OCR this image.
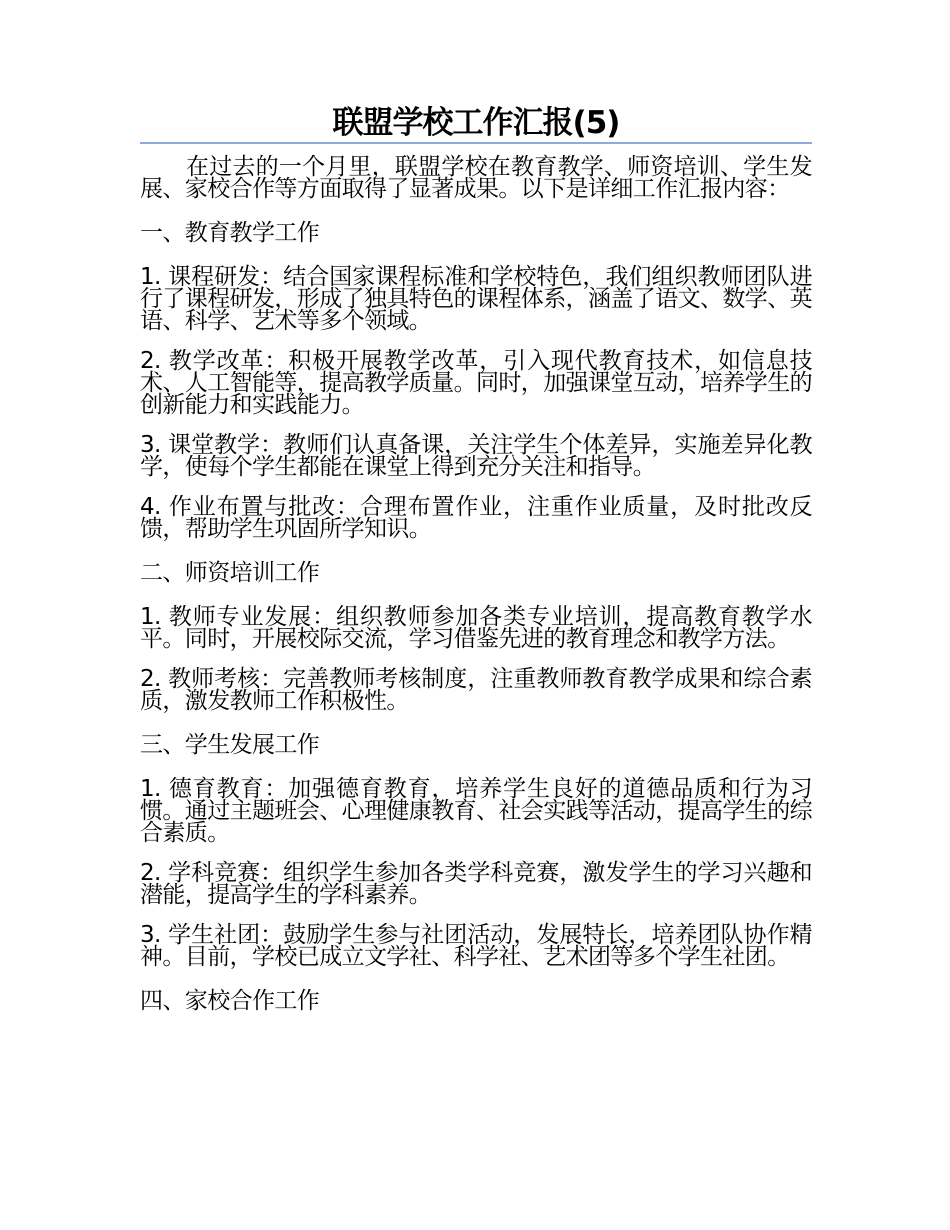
联盟学校工作汇报(5)

在过去的一个月里，联盟学校在教育教学、师资培训、学生发展、家校合作等方面取得了显著成果。以下是详细工作汇报内容：

一、教育教学工作

1. 课程研发：结合国家课程标准和学校特色，我们组织教师团队进行了课程研发，形成了独具特色的课程体系，涵盖了语文、数学、英语、科学、艺术等多个领域。

2. 教学改革：积极开展教学改革，引入现代教育技术，如信息技术、人工智能等，提高教学质量。同时，加强课堂互动，培养学生的创新能力和实践能力。

3. 课堂教学：教师们认真备课，关注学生个体差异，实施差异化教学，使每个学生都能在课堂上得到充分关注和指导。

4. 作业布置与批改：合理布置作业，注重作业质量，及时批改反馈，帮助学生巩固所学知识。

二、师资培训工作

1. 教师专业发展：组织教师参加各类专业培训，提高教育教学水平。同时，开展校际交流，学习借鉴先进的教育理念和教学方法。

2. 教师考核：完善教师考核制度，注重教师教育教学成果和综合素质，激发教师工作积极性。

三、学生发展工作

1. 德育教育：加强德育教育，培养学生良好的道德品质和行为习惯。通过主题班会、心理健康教育、社会实践等活动，提高学生的综合素质。

2. 学科竞赛：组织学生参加各类学科竞赛，激发学生的学习兴趣和潜能，提高学生的学科素养。

3. 学生社团：鼓励学生参与社团活动，发展特长，培养团队协作精神。目前，学校已成立文学社、科学社、艺术团等多个学生社团。

四、家校合作工作
